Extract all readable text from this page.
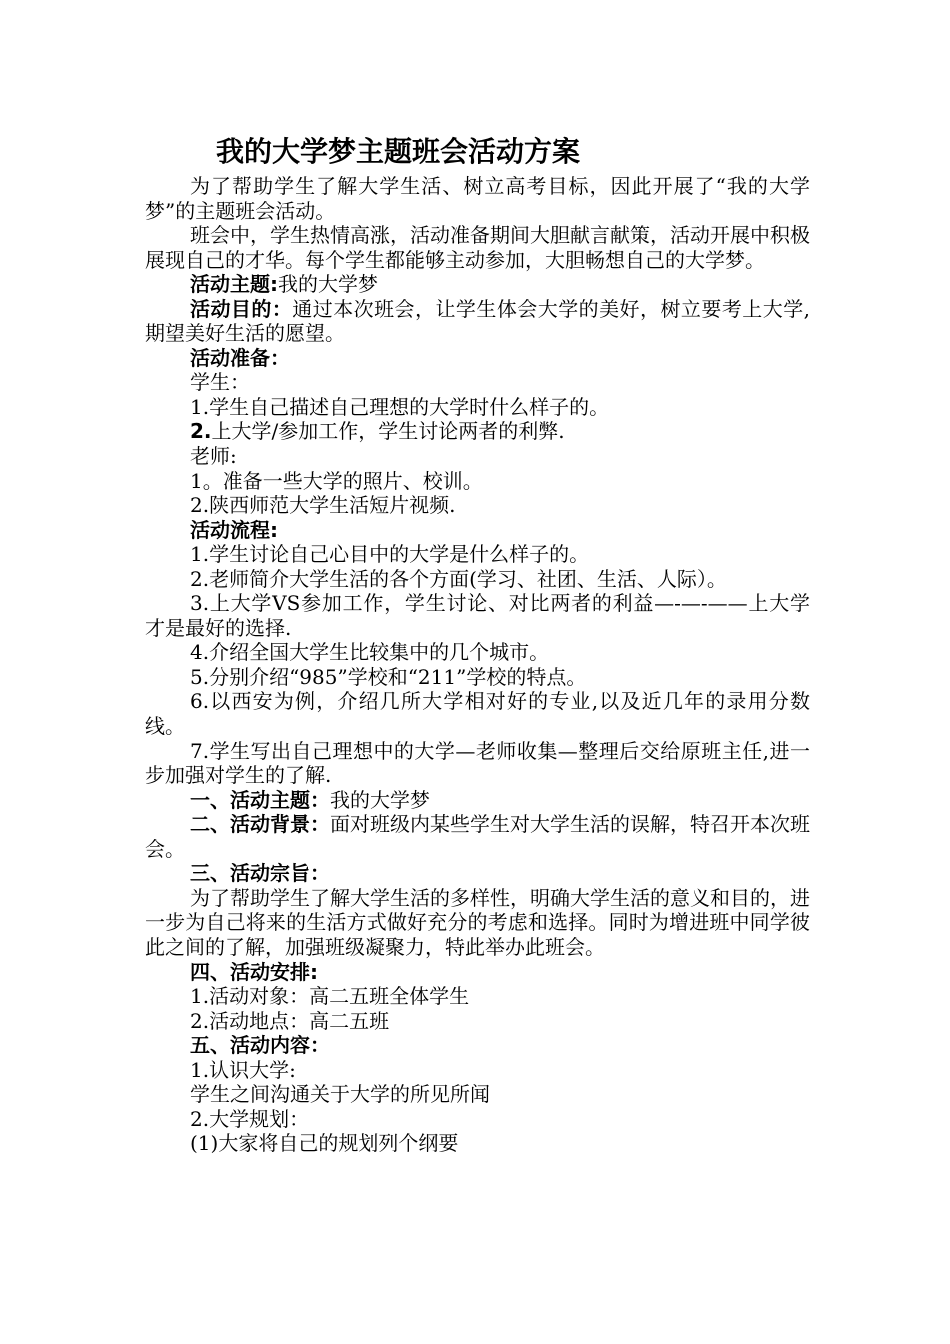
我的大学梦主题班会活动方案

为了帮助学生了解大学生活、树立高考目标，因此开展了“我的大学梦”的主题班会活动。

班会中，学生热情高涨，活动准备期间大胆献言献策，活动开展中积极展现自己的才华。每个学生都能够主动参加，大胆畅想自己的大学梦。

活动主题:我的大学梦

活动目的：通过本次班会，让学生体会大学的美好，树立要考上大学,期望美好生活的愿望。

活动准备：

学生：

1.学生自己描述自己理想的大学时什么样子的。

2.上大学/参加工作，学生讨论两者的利弊.

老师:

1。准备一些大学的照片、校训。

2.陕西师范大学生活短片视频.

活动流程:

1.学生讨论自己心目中的大学是什么样子的。

2.老师简介大学生活的各个方面(学习、社团、生活、人际）。

3.上大学VS参加工作，学生讨论、对比两者的利益—-—-——上大学才是最好的选择.

4.介绍全国大学生比较集中的几个城市。

5.分别介绍“985”学校和“211”学校的特点。

6.以西安为例，介绍几所大学相对好的专业,以及近几年的录用分数线。

7.学生写出自己理想中的大学—老师收集—整理后交给原班主任,进一步加强对学生的了解.

一、活动主题：我的大学梦

二、活动背景：面对班级内某些学生对大学生活的误解，特召开本次班会。

三、活动宗旨：

为了帮助学生了解大学生活的多样性，明确大学生活的意义和目的，进一步为自己将来的生活方式做好充分的考虑和选择。同时为增进班中同学彼此之间的了解，加强班级凝聚力，特此举办此班会。

四、活动安排:

1.活动对象：高二五班全体学生

2.活动地点：高二五班

五、活动内容：

1.认识大学:

学生之间沟通关于大学的所见所闻

2.大学规划：

(1)大家将自己的规划列个纲要
